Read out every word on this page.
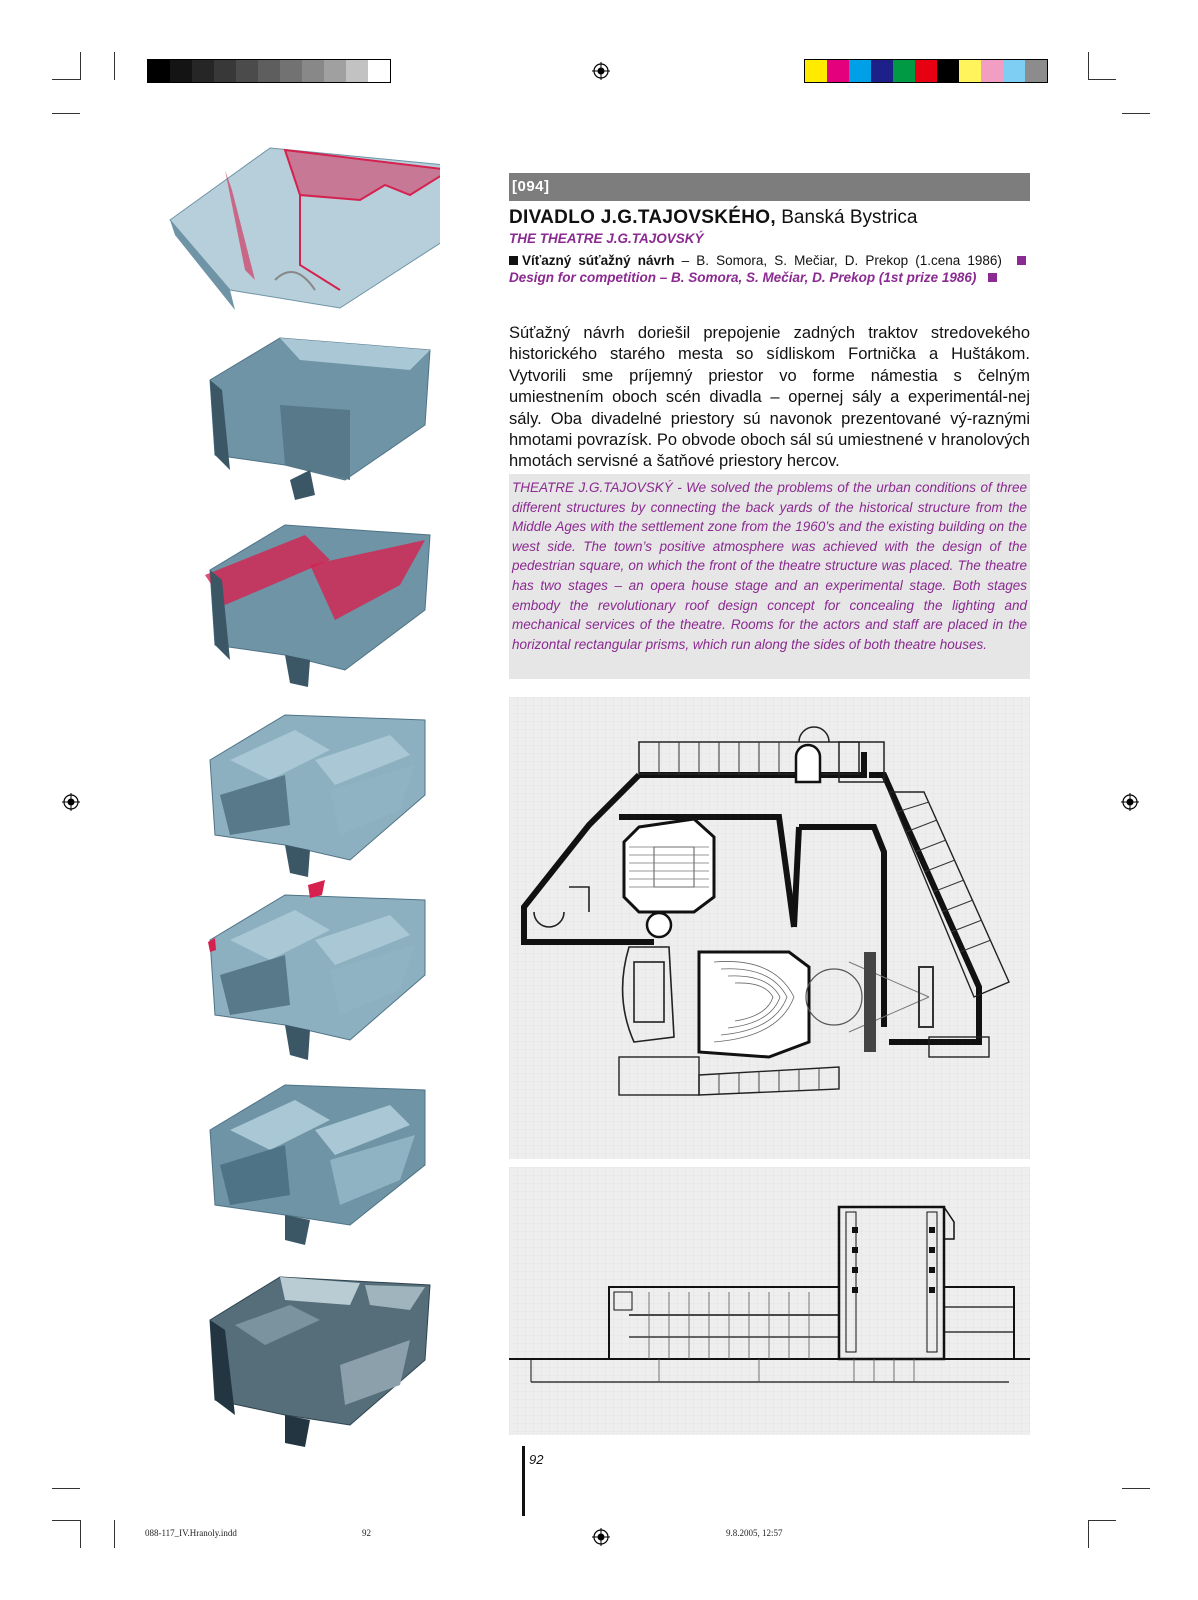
[094]
DIVADLO J.G.TAJOVSKÉHO, Banská Bystrica
THE THEATRE J.G.TAJOVSKÝ
Víťazný súťažný návrh – B. Somora, S. Mečiar, D. Prekop (1.cena 1986) Design for competition – B. Somora, S. Mečiar, D. Prekop (1st prize 1986)
Súťažný návrh doriešil prepojenie zadných traktov stredovekého historického starého mesta so sídliskom Fortnička a Huštákom. Vytvorili sme príjemný priestor vo forme námestia s čelným umiestnením oboch scén divadla – opernej sály a experimentál-nej sály. Oba divadelné priestory sú navonok prezentované vý-raznými hmotami povrazísk. Po obvode oboch sál sú umiestnené v hranolových hmotách servisné a šatňové priestory hercov.
THEATRE J.G.TAJOVSKÝ - We solved the problems of the urban conditions of three different structures by connecting the back yards of the historical structure from the Middle Ages with the settlement zone from the 1960’s and the existing building on the west side. The town’s positive atmosphere was achieved with the design of the pedestrian square, on which the front of the theatre structure was placed. The theatre has two stages – an opera house stage and an experimental stage. Both stages embody the revolutionary roof design concept for concealing the lighting and mechanical services of the theatre. Rooms for the actors and staff are placed in the horizontal rectangular prisms, which run along the sides of both theatre houses.
92
088-117_IV.Hranoly.indd	92	9.8.2005, 12:57
